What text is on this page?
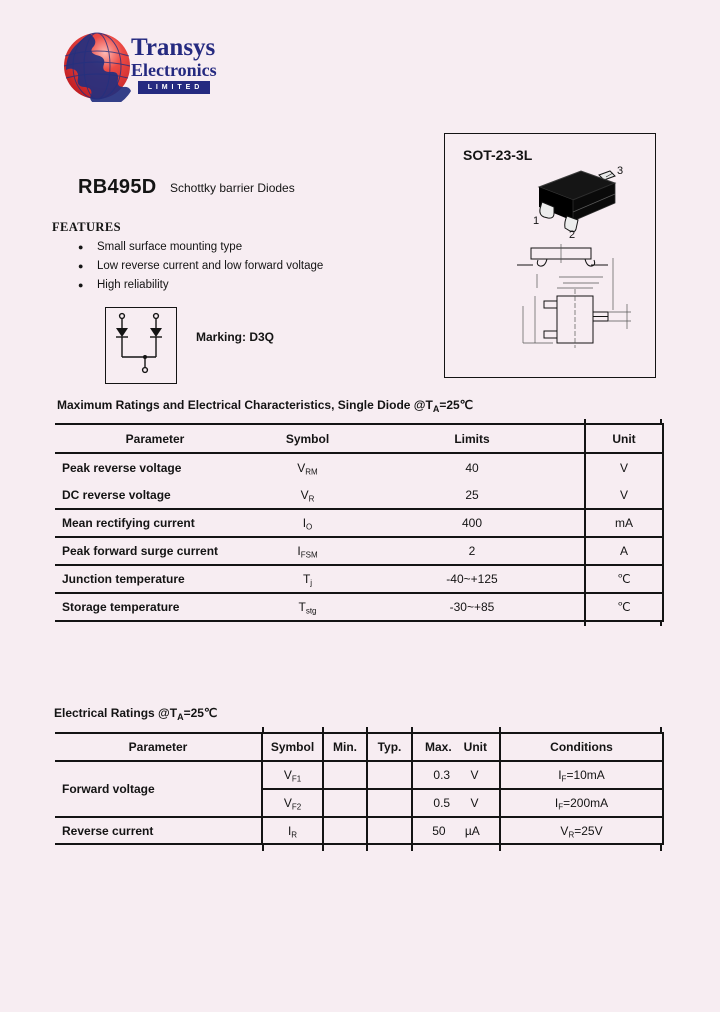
Transys
Electronics
L I M I T E D
RB495D Schottky barrier Diodes
FEATURES
●	Small surface mounting type
●	Low reverse current and low forward voltage
●	High reliability
Marking: D3Q
SOT-23-3L
3
1
2
Maximum Ratings and Electrical Characteristics, Single Diode @TA=25℃
Parameter	Symbol	Limits	Unit
Peak reverse voltage	VRM	40	V
DC reverse voltage	VR	25	V
Mean rectifying current	IO	400	mA
Peak forward surge current	IFSM	2	A
Junction temperature	Tj	-40~+125	℃
Storage temperature	Tstg	-30~+85	℃
Electrical Ratings @TA=25℃
Parameter	Symbol	Min.	Typ.	Max. Unit	Conditions
Forward voltage	VF1			0.3 V	IF=10mA
	VF2			0.5 V	IF=200mA
Reverse current	IR			50 µA	VR=25V
